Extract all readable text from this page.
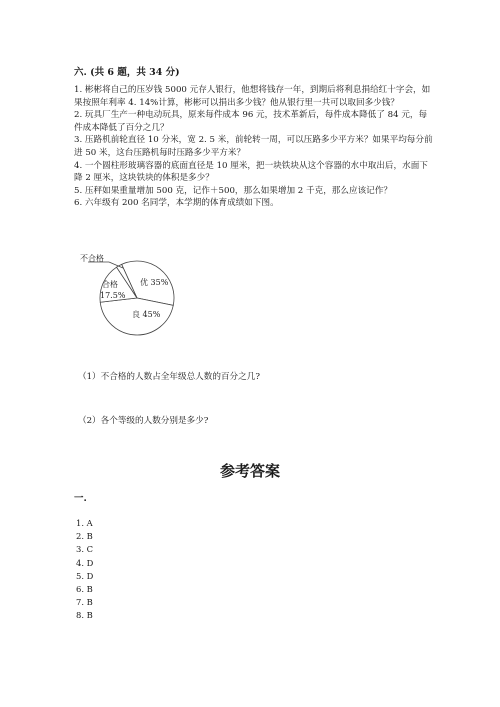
六. (共 6 题，共 34 分)

1. 彬彬将自己的压岁钱 5000 元存人银行，他想将钱存一年，到期后将利息捐给红十字会，如果按照年利率 4. 14%计算，彬彬可以捐出多少钱？他从银行里一共可以取回多少钱？

2. 玩具厂生产一种电动玩具，原来每件成本 96 元，技术革新后，每件成本降低了 84 元，每件成本降低了百分之几？

3. 压路机前轮直径 10 分米，宽 2. 5 米，前轮转一周，可以压路多少平方米？如果平均每分前进 50 米，这台压路机每时压路多少平方米？

4. 一个圆柱形玻璃容器的底面直径是 10 厘米，把一块铁块从这个容器的水中取出后，水面下降 2 厘米，这块铁块的体积是多少？

5. 压秤如果重量增加 500 克，记作＋500，那么如果增加 2 千克，那么应该记作？

6. 六年级有 200 名同学，本学期的体育成绩如下图。

不合格
合格
17.5%
优 35%
良 45%
（1）不合格的人数占全年级总人数的百分之几?
（2）各个等级的人数分别是多少?
参考答案
一.
1. A
2. B
3. C
4. D
5. D
6. B
7. B
8. B
